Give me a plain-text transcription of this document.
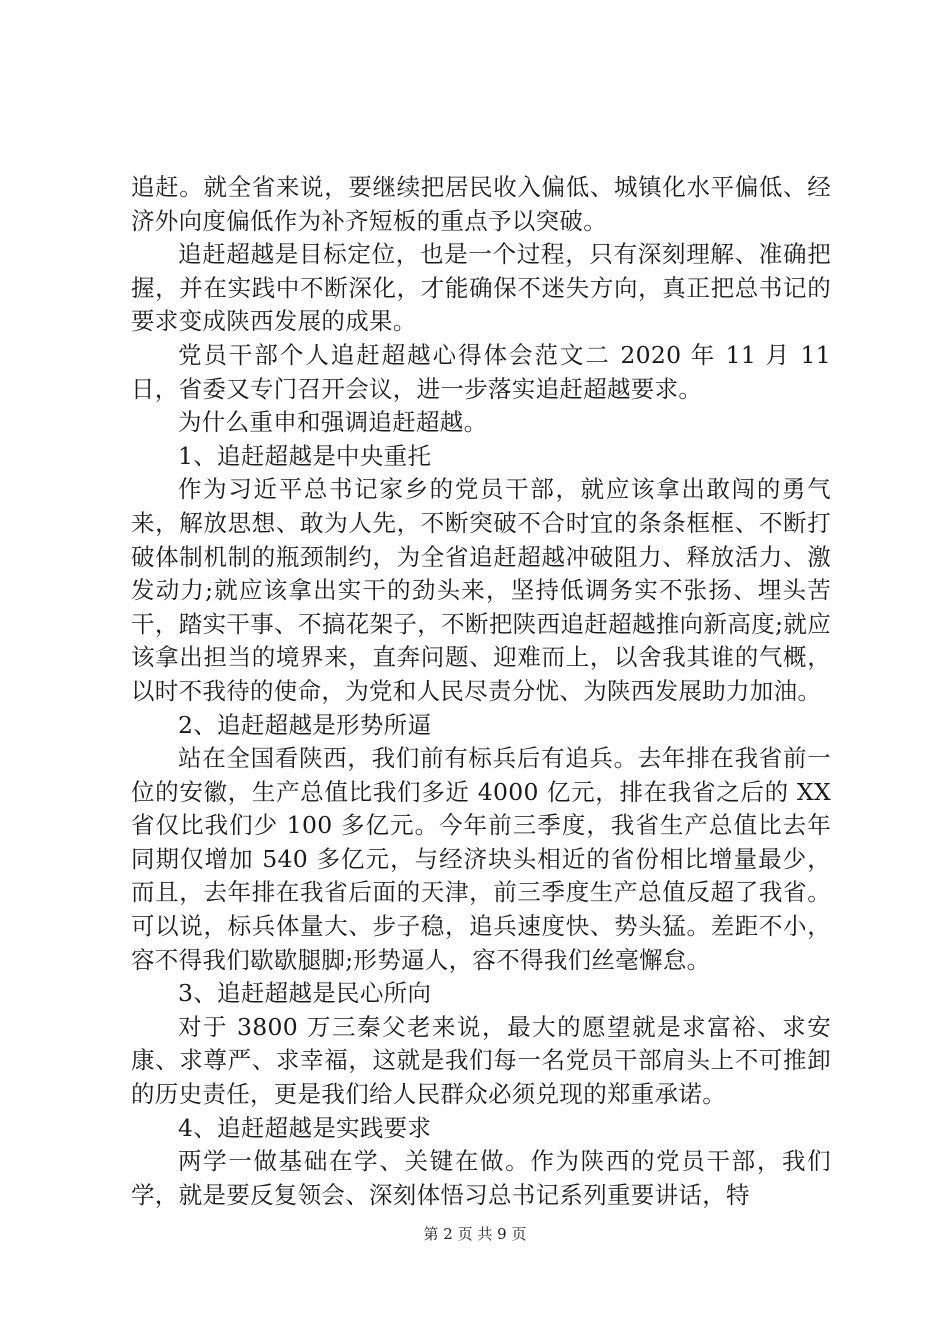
追赶。就全省来说，要继续把居民收入偏低、城镇化水平偏低、经济外向度偏低作为补齐短板的重点予以突破。

追赶超越是目标定位，也是一个过程，只有深刻理解、准确把握，并在实践中不断深化，才能确保不迷失方向，真正把总书记的要求变成陕西发展的成果。

党员干部个人追赶超越心得体会范文二 2020 年 11 月 11 日，省委又专门召开会议，进一步落实追赶超越要求。

为什么重申和强调追赶超越。

1、追赶超越是中央重托

作为习近平总书记家乡的党员干部，就应该拿出敢闯的勇气来，解放思想、敢为人先，不断突破不合时宜的条条框框、不断打破体制机制的瓶颈制约，为全省追赶超越冲破阻力、释放活力、激发动力;就应该拿出实干的劲头来，坚持低调务实不张扬、埋头苦干，踏实干事、不搞花架子，不断把陕西追赶超越推向新高度;就应该拿出担当的境界来，直奔问题、迎难而上，以舍我其谁的气概，以时不我待的使命，为党和人民尽责分忧、为陕西发展助力加油。

2、追赶超越是形势所逼

站在全国看陕西，我们前有标兵后有追兵。去年排在我省前一位的安徽，生产总值比我们多近 4000 亿元，排在我省之后的 XX 省仅比我们少 100 多亿元。今年前三季度，我省生产总值比去年同期仅增加 540 多亿元，与经济块头相近的省份相比增量最少，而且，去年排在我省后面的天津，前三季度生产总值反超了我省。可以说，标兵体量大、步子稳，追兵速度快、势头猛。差距不小，容不得我们歇歇腿脚;形势逼人，容不得我们丝毫懈怠。

3、追赶超越是民心所向

对于 3800 万三秦父老来说，最大的愿望就是求富裕、求安康、求尊严、求幸福，这就是我们每一名党员干部肩头上不可推卸的历史责任，更是我们给人民群众必须兑现的郑重承诺。

4、追赶超越是实践要求

两学一做基础在学、关键在做。作为陕西的党员干部，我们学，就是要反复领会、深刻体悟习总书记系列重要讲话，特

第 2 页 共 9 页
